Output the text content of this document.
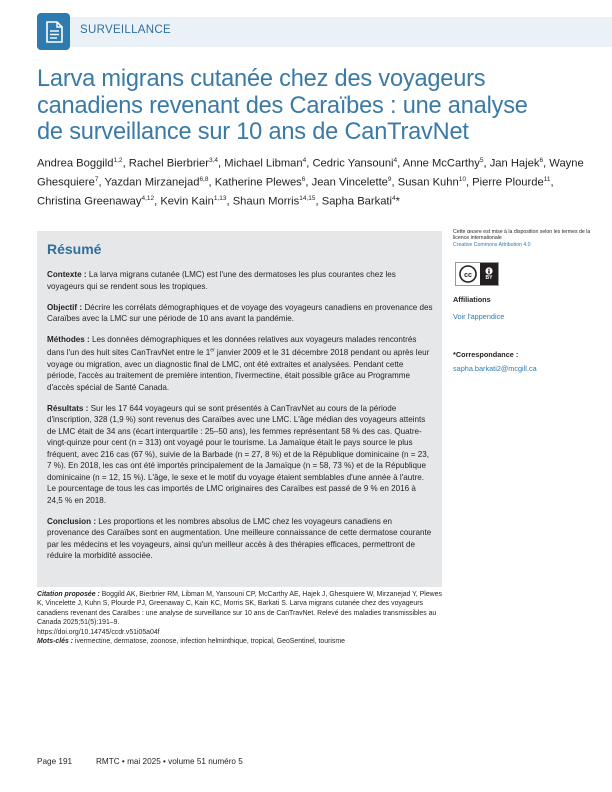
SURVEILLANCE
Larva migrans cutanée chez des voyageurs canadiens revenant des Caraïbes : une analyse de surveillance sur 10 ans de CanTravNet
Andrea Boggild$^{1,2}$, Rachel Bierbrier$^{3,4}$, Michael Libman$^4$, Cedric Yansouni$^4$, Anne McCarthy$^5$, Jan Hajek$^6$, Wayne Ghesquiere$^7$, Yazdan Mirzanejad$^{6,8}$, Katherine Plewes$^6$, Jean Vincelette$^9$, Susan Kuhn$^{10}$, Pierre Plourde$^{11}$, Christina Greenaway$^{4,12}$, Kevin Kain$^{1,13}$, Shaun Morris$^{14,15}$, Sapha Barkati$^4$*
Résumé

Contexte : La larva migrans cutanée (LMC) est l'une des dermatoses les plus courantes chez les voyageurs qui se rendent sous les tropiques.

Objectif : Décrire les corrélats démographiques et de voyage des voyageurs canadiens en provenance des Caraïbes avec la LMC sur une période de 10 ans avant la pandémie.

Méthodes : Les données démographiques et les données relatives aux voyageurs malades rencontrés dans l'un des huit sites CanTravNet entre le 1er janvier 2009 et le 31 décembre 2018 pendant ou après leur voyage ou migration, avec un diagnostic final de LMC, ont été extraites et analysées. Pendant cette période, l'accès au traitement de première intention, l'ivermectine, était possible grâce au Programme d'accès spécial de Santé Canada.

Résultats : Sur les 17 644 voyageurs qui se sont présentés à CanTravNet au cours de la période d'inscription, 328 (1,9 %) sont revenus des Caraïbes avec une LMC. L'âge médian des voyageurs atteints de LMC était de 34 ans (écart interquartile : 25–50 ans), les femmes représentant 58 % des cas. Quatre-vingt-quinze pour cent (n = 313) ont voyagé pour le tourisme. La Jamaïque était le pays source le plus fréquent, avec 216 cas (67 %), suivie de la Barbade (n = 27, 8 %) et de la République dominicaine (n = 23, 7 %). En 2018, les cas ont été importés principalement de la Jamaïque (n = 58, 73 %) et de la République dominicaine (n = 12, 15 %). L'âge, le sexe et le motif du voyage étaient semblables d'une année à l'autre. Le pourcentage de tous les cas importés de LMC originaires des Caraïbes est passé de 9 % en 2016 à 24,5 % en 2018.

Conclusion : Les proportions et les nombres absolus de LMC chez les voyageurs canadiens en provenance des Caraïbes sont en augmentation. Une meilleure connaissance de cette dermatose courante par les médecins et les voyageurs, ainsi qu'un meilleur accès à des thérapies efficaces, permettront de réduire la morbidité associée.

Cette œuvre est mise à la disposition selon les termes de la licence internationale
Creative Commons Attribution 4.0
cc	BY
Affiliations
Voir l'appendice
*Correspondance :
sapha.barkati2@mcgill.ca
Citation proposée : Boggild AK, Bierbrier RM, Libman M, Yansouni CP, McCarthy AE, Hajek J, Ghesquiere W, Mirzanejad Y, Plewes K, Vincelette J, Kuhn S, Plourde PJ, Greenaway C, Kain KC, Morris SK, Barkati S. Larva migrans cutanée chez des voyageurs canadiens revenant des Caraïbes : une analyse de surveillance sur 10 ans de CanTravNet. Relevé des maladies transmissibles au Canada 2025;51(5):191–9.
https://doi.org/10.14745/ccdr.v51i05a04f
Mots-clés : ivermectine, dermatose, zoonose, infection helminthique, tropical, GeoSentinel, tourisme
Page 191	RMTC • mai 2025 • volume 51 numéro 5
